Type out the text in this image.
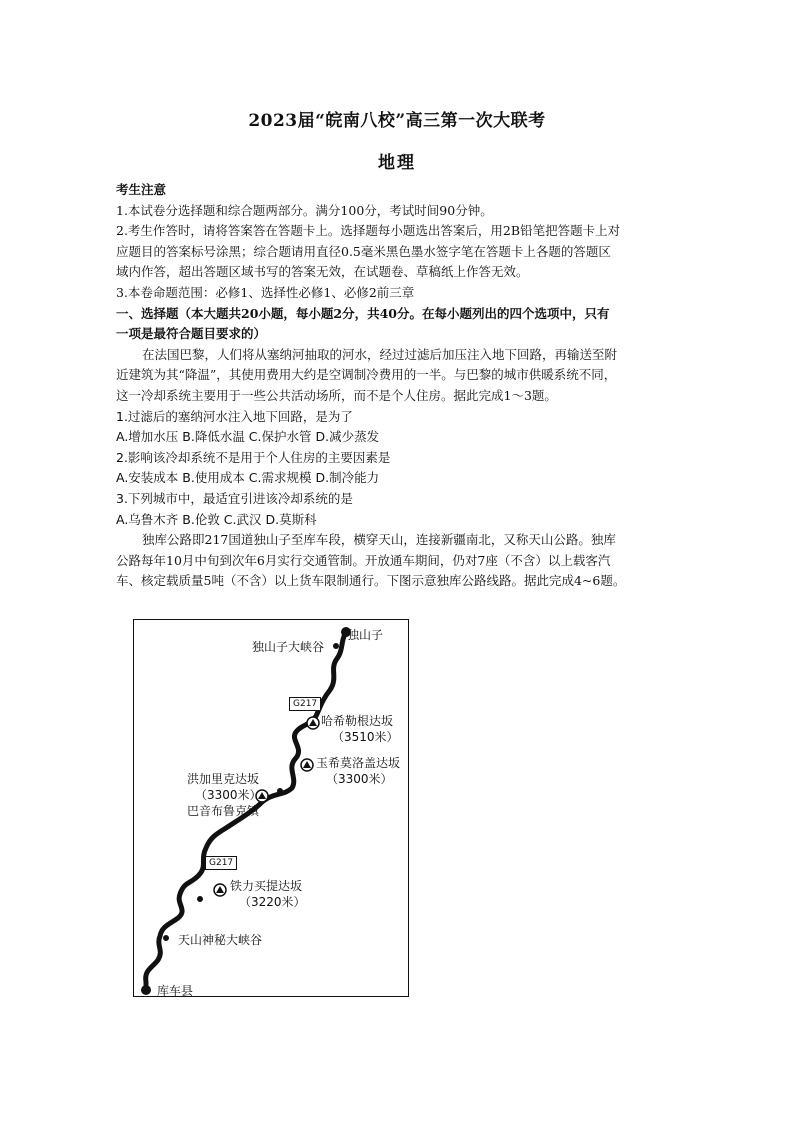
2023届“皖南八校”高三第一次大联考
地理

考生注意

1.本试卷分选择题和综合题两部分。满分100分，考试时间90分钟。

2.考生作答时，请将答案答在答题卡上。选择题每小题选出答案后，用2B铅笔把答题卡上对

应题目的答案标号涂黑；综合题请用直径0.5毫米黑色墨水签字笔在答题卡上各题的答题区

域内作答，超出答题区域书写的答案无效，在试题卷、草稿纸上作答无效。

3.本卷命题范围：必修1、选择性必修1、必修2前三章

一、选择题（本大题共20小题，每小题2分，共40分。在每小题列出的四个选项中，只有

一项是最符合题目要求的）

在法国巴黎，人们将从塞纳河抽取的河水，经过过滤后加压注入地下回路，再输送至附

近建筑为其“降温”，其使用费用大约是空调制冷费用的一半。与巴黎的城市供暖系统不同，

这一冷却系统主要用于一些公共活动场所，而不是个人住房。据此完成1～3题。

1.过滤后的塞纳河水注入地下回路，是为了

A.增加水压 B.降低水温 C.保护水管 D.减少蒸发

2.影响该冷却系统不是用于个人住房的主要因素是

A.安装成本 B.使用成本 C.需求规模 D.制冷能力

3.下列城市中，最适宜引进该冷却系统的是

A.乌鲁木齐 B.伦敦 C.武汉 D.莫斯科

独库公路即217国道独山子至库车段，横穿天山，连接新疆南北，又称天山公路。独库

公路每年10月中旬到次年6月实行交通管制。开放通车期间，仍对7座（不含）以上载客汽

车、核定载质量5吨（不含）以上货车限制通行。下图示意独库公路线路。据此完成4~6题。

独山子
独山子大峡谷
G217
哈希勒根达坂
（3510米）
玉希莫洛盖达坂
（3300米）
洪加里克达坂
（3300米）
巴音布鲁克镇
G217
铁力买提达坂
（3220米）
天山神秘大峡谷
库车县
